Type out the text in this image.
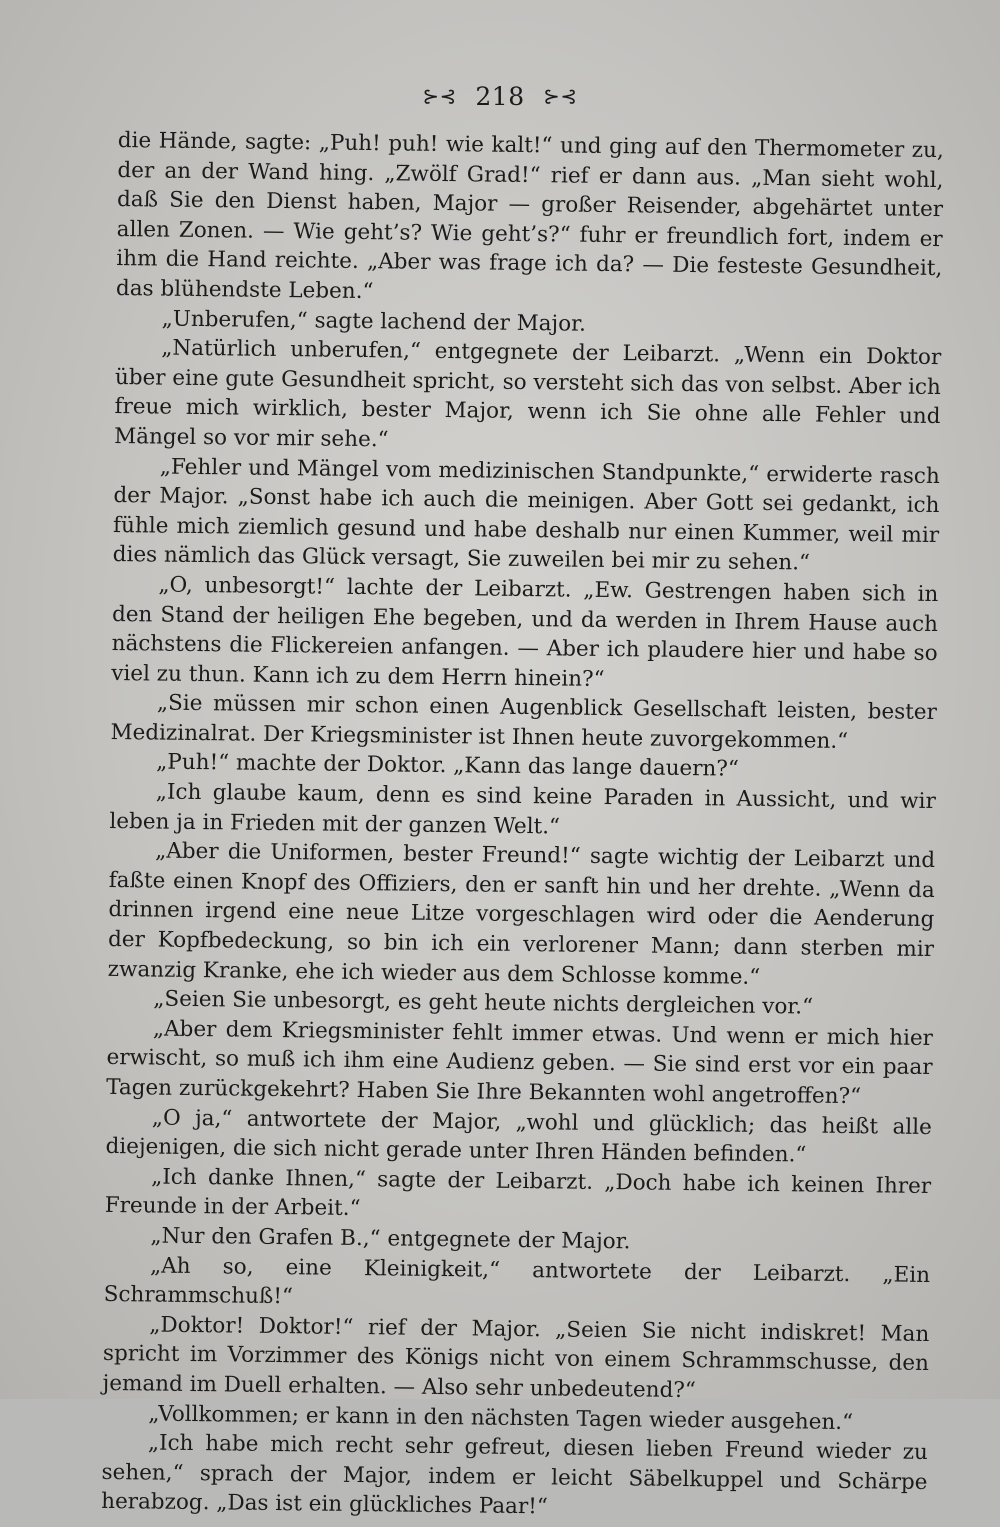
⊱⊰ 218 ⊱⊰

die Hände, sagte: „Puh! puh! wie kalt!“ und ging auf den Thermometer zu, der an der Wand hing. „Zwölf Grad!“ rief er dann aus. „Man sieht wohl, daß Sie den Dienst haben, Major — großer Reisender, abgehärtet unter allen Zonen. — Wie geht’s? Wie geht’s?“ fuhr er freundlich fort, indem er ihm die Hand reichte. „Aber was frage ich da? — Die festeste Gesundheit, das blühendste Leben.“

„Unberufen,“ sagte lachend der Major.

„Natürlich unberufen,“ entgegnete der Leibarzt. „Wenn ein Doktor über eine gute Gesundheit spricht, so versteht sich das von selbst. Aber ich freue mich wirklich, bester Major, wenn ich Sie ohne alle Fehler und Mängel so vor mir sehe.“

„Fehler und Mängel vom medizinischen Standpunkte,“ erwiderte rasch der Major. „Sonst habe ich auch die meinigen. Aber Gott sei gedankt, ich fühle mich ziemlich gesund und habe deshalb nur einen Kummer, weil mir dies nämlich das Glück versagt, Sie zuweilen bei mir zu sehen.“

„O, unbesorgt!“ lachte der Leibarzt. „Ew. Gestrengen haben sich in den Stand der heiligen Ehe begeben, und da werden in Ihrem Hause auch nächstens die Flickereien anfangen. — Aber ich plaudere hier und habe so viel zu thun. Kann ich zu dem Herrn hinein?“

„Sie müssen mir schon einen Augenblick Gesellschaft leisten, bester Medizinalrat. Der Kriegsminister ist Ihnen heute zuvorgekommen.“

„Puh!“ machte der Doktor. „Kann das lange dauern?“

„Ich glaube kaum, denn es sind keine Paraden in Aussicht, und wir leben ja in Frieden mit der ganzen Welt.“

„Aber die Uniformen, bester Freund!“ sagte wichtig der Leibarzt und faßte einen Knopf des Offiziers, den er sanft hin und her drehte. „Wenn da drinnen irgend eine neue Litze vorgeschlagen wird oder die Aenderung der Kopfbedeckung, so bin ich ein verlorener Mann; dann sterben mir zwanzig Kranke, ehe ich wieder aus dem Schlosse komme.“

„Seien Sie unbesorgt, es geht heute nichts dergleichen vor.“

„Aber dem Kriegsminister fehlt immer etwas. Und wenn er mich hier erwischt, so muß ich ihm eine Audienz geben. — Sie sind erst vor ein paar Tagen zurückgekehrt? Haben Sie Ihre Bekannten wohl angetroffen?“

„O ja,“ antwortete der Major, „wohl und glücklich; das heißt alle diejenigen, die sich nicht gerade unter Ihren Händen befinden.“

„Ich danke Ihnen,“ sagte der Leibarzt. „Doch habe ich keinen Ihrer Freunde in der Arbeit.“

„Nur den Grafen B.,“ entgegnete der Major.

„Ah so, eine Kleinigkeit,“ antwortete der Leibarzt. „Ein Schrammschuß!“

„Doktor! Doktor!“ rief der Major. „Seien Sie nicht indiskret! Man spricht im Vorzimmer des Königs nicht von einem Schrammschusse, den jemand im Duell erhalten. — Also sehr unbedeutend?“

„Vollkommen; er kann in den nächsten Tagen wieder ausgehen.“

„Ich habe mich recht sehr gefreut, diesen lieben Freund wieder zu sehen,“ sprach der Major, indem er leicht Säbelkuppel und Schärpe herabzog. „Das ist ein glückliches Paar!“
